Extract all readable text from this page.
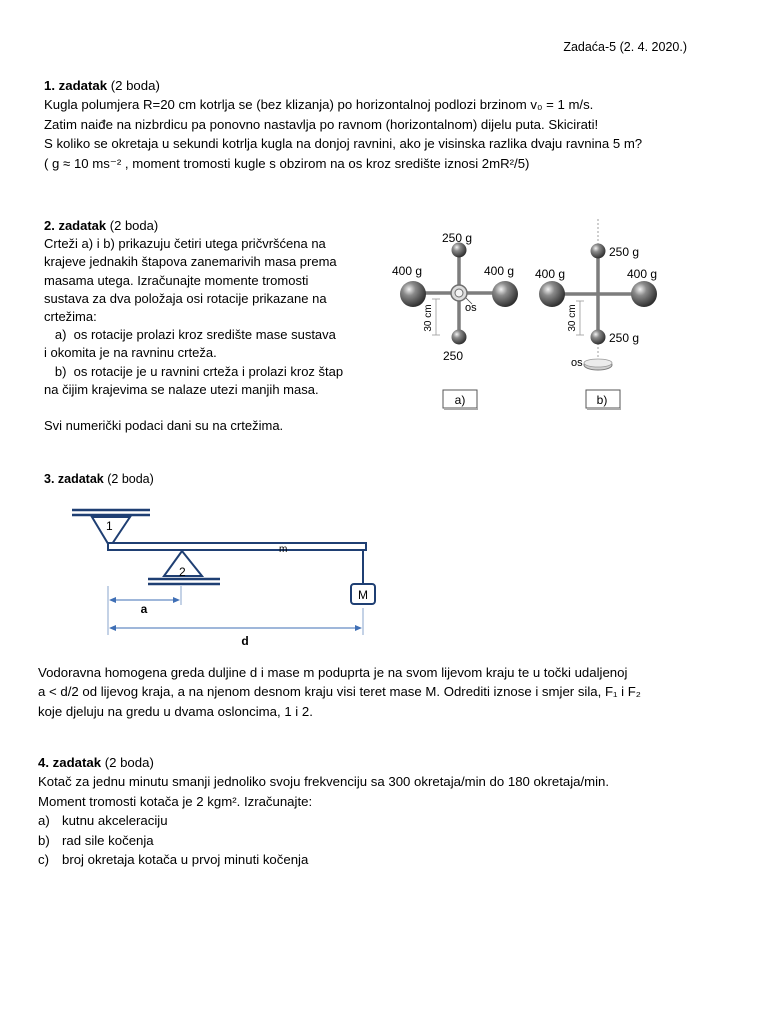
Zadaća-5 (2. 4. 2020.)

1. zadatak (2 boda)

Kugla polumjera R=20 cm kotrlja se (bez klizanja) po horizontalnoj podlozi brzinom v₀ = 1 m/s.

Zatim naiđe na nizbrdicu pa ponovno nastavlja po ravnom (horizontalnom) dijelu puta. Skicirati!

S koliko se okretaja u sekundi kotrlja kugla na donjoj ravnini, ako je visinska razlika dvaju ravnina 5 m?

( g ≈ 10 ms⁻² , moment tromosti kugle s obzirom na os kroz središte iznosi 2mR²/5)

2. zadatak (2 boda)

Crteži a) i b) prikazuju četiri utega pričvršćena na

krajeve jednakih štapova zanemarivih masa prema

masama utega. Izračunajte momente tromosti

sustava za dva položaja osi rotacije prikazane na

crtežima:

a)  os rotacije prolazi kroz središte mase sustava

i okomita je na ravninu crteža.

b)  os rotacije je u ravnini crteža i prolazi kroz štap

na čijim krajevima se nalaze utezi manjih masa.

Svi numerički podaci dani su na crtežima.

30 cm	os
250 g
400 g	400 g
250
a)
30 cm
os
250 g
400 g	400 g
250 g
b)

3. zadatak (2 boda)

1
m
2
M
a
d

Vodoravna homogena greda duljine d i mase m poduprta je na svom lijevom kraju te u točki udaljenoj

a < d/2 od lijevog kraja, a na njenom desnom kraju visi teret mase M. Odrediti iznose i smjer sila, F₁ i F₂

koje djeluju na gredu u dvama osloncima, 1 i 2.

4. zadatak (2 boda)

Kotač za jednu minutu smanji jednoliko svoju frekvenciju sa 300 okretaja/min do 180 okretaja/min.

Moment tromosti kotača je 2 kgm². Izračunajte:

a) kutnu akceleraciju

b) rad sile kočenja

c) broj okretaja kotača u prvoj minuti kočenja
